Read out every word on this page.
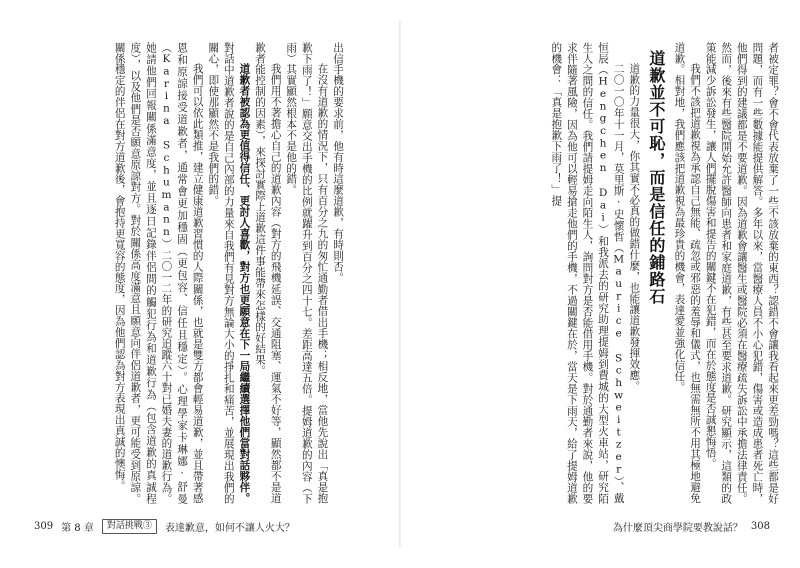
出信手機的要求前，他有時這麼道歉，有時則否。

在沒有道歉的情況下，只有百分之九的匆忙通勤者借出手機；相反地，當他先說出「真是抱歉下雨了！」願意交出手機的比例就躍升到百分之四十七。差距高達五倍。提姆道歉的內容（下雨）其實顯然根本不是他的錯。

我們用不著擔心自己的道歉內容（對方的飛機延誤、交通阻塞、運氣不好等，顯然都不是道歉者能控制的因素），來探討實際上道歉這件事能帶來怎樣的好結果。

道歉者被認為更值得信任、更討人喜歡，對方也更願意在下一局繼續選擇他們當對話夥伴。對話中道歉者說的是自己內部的力量來自我們有見對方無論大小的掙扎和痛苦，並展現出我們的關心，即使那顯然不是我們的錯。

我們可以依此類推，建立健康道歉習慣的人際關係，也就是雙方都會輕易道歉，並且帶著感恩和原諒接受道歉者，通常會更加穩固（更包容、信任且穩定）。心理學家卡琳娜·舒曼（Karina Schumann）二〇一二年的研究追蹤六十對已婚夫妻的道歉行為。她請他們回報關係滿意度，並且逐日記錄伴侶間的觸犯行為和道歉行為（包含道歉的真誠程度），以及他們是否願意原諒對方。對於關係高度滿意且願意向伴侶道歉者，更可能受到原諒。關係穩定的伴侶在對方道歉後，會抱持更寬容的態度，因為他們認為對方表現出真誠的懊悔。	者被定罪？會不會代表放棄了一些不該放棄的東西？認錯不會讓我看起來更差勁嗎？這些都是好問題，而有一些數據能提供解答。多年以來，當醫療人員不小心犯錯，傷害或造成患者死亡時，他們得到的建議都是不要道歉。因為道歉會讓醫生或醫院必須在醫療疏失訴訟中承擔法律責任。然而，後來有些醫院開始允許醫師向患者和家庭道歉，有些甚至要求道歉。研究顯示，這類的政策能減少訴訟發生，讓人們擺脫傷害和提告的關鍵不在犯錯，而在於態度是否誠懇悔悟。

我們不該把道歉視為承認自己無能、疏忽或邪惡的羞辱和儀式，也無需無所不用其極地避免道歉。相對地，我們應該把道歉視為最珍貴的機會，表達愛並強化信任。

道歉並不可恥，而是信任的鋪路石

道歉的力量很大，你其實不必真的做錯什麼，也能讓道歉發揮效應。

二〇一〇年十一月，莫里斯·史懷哲（Maurice Schweitzer）、戴恒辰（Hengchen Dai）和我派去的研究助理提姆到費城的大型火車站，研究陌生人之間的信任。我們請提姆走向陌生人，詢問對方是否能借用手機。對於通勤者來說，他的要求伴隨著風險，因為他可以輕易搶走他們的手機，不過關鍵在於，當天是下雨天，給了提姆道歉的機會：「真是抱歉下雨了！」提

309 第 8 章	對話挑戰③	表達歉意，如何不讓人火大？	為什麼頂尖商學院要教說話？ 308
